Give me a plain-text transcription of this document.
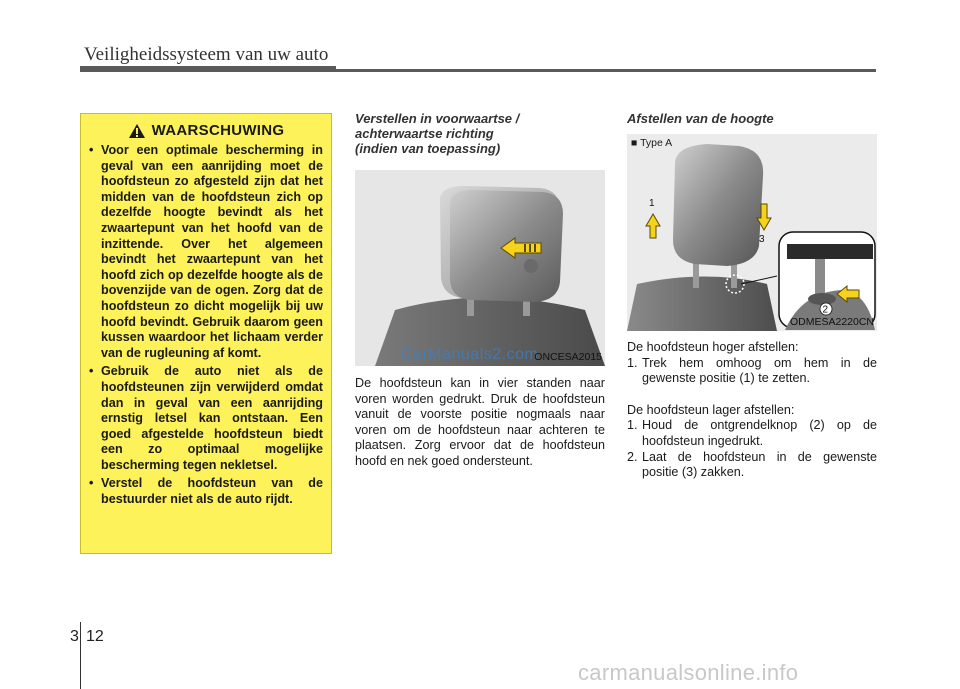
Veiligheidssysteem van uw auto
WAARSCHUWING
• Voor een optimale bescherming in geval van een aanrijding moet de hoofdsteun zo afgesteld zijn dat het midden van de hoofdsteun zich op dezelfde hoogte bevindt als het zwaartepunt van het hoofd van de inzittende. Over het algemeen bevindt het zwaartepunt van het hoofd zich op dezelfde hoogte als de bovenzijde van de ogen. Zorg dat de hoofdsteun zo dicht mogelijk bij uw hoofd bevindt. Gebruik daarom geen kussen waardoor het lichaam verder van de rugleuning af komt.
• Gebruik de auto niet als de hoofdsteunen zijn verwijderd omdat dan in geval van een aanrijding ernstig letsel kan ontstaan. Een goed afgestelde hoofdsteun biedt een zo optimaal mogelijke bescherming tegen nekletsel.
• Verstel de hoofdsteun van de bestuurder niet als de auto rijdt.
Verstellen in voorwaartse /
achterwaartse richting
(indien van toepassing)
CarManuals2.com
ONCESA2015
De hoofdsteun kan in vier standen naar voren worden gedrukt. Druk de hoofdsteun vanuit de voorste positie nogmaals naar voren om de hoofdsteun naar achteren te plaatsen. Zorg ervoor dat de hoofdsteun hoofd en nek goed ondersteunt.
Afstellen van de hoogte
1
3
2
■ Type A
ODMESA2220CN

De hoofdsteun hoger afstellen:

1. Trek hem omhoog om hem in de gewenste positie (1) te zetten.

De hoofdsteun lager afstellen:

1. Houd de ontgrendelknop (2) op de hoofdsteun ingedrukt.
2. Laat de hoofdsteun in de gewenste positie (3) zakken.
3 12
carmanualsonline.info
